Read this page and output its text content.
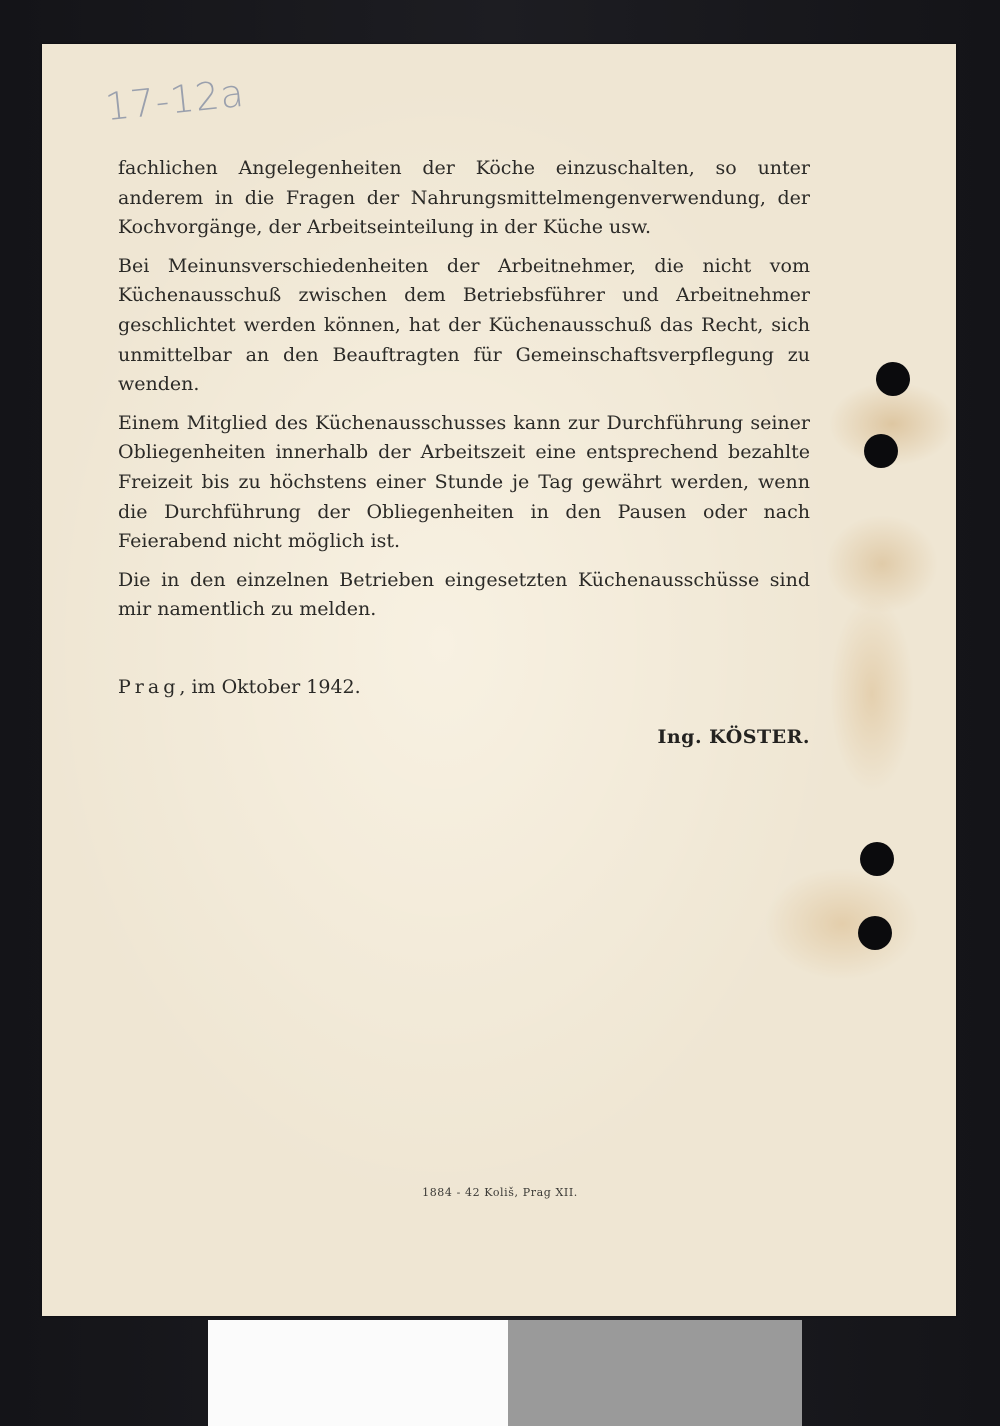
17-12a

fachlichen Angelegenheiten der Köche einzuschalten, so unter anderem in die Fragen der Nahrungsmittelmengenverwendung, der Kochvorgänge, der Arbeitseinteilung in der Küche usw.

Bei Meinunsverschiedenheiten der Arbeitnehmer, die nicht vom Küchenausschuß zwischen dem Betriebsführer und Arbeitnehmer geschlichtet werden können, hat der Küchenausschuß das Recht, sich unmittelbar an den Beauftragten für Gemeinschaftsverpflegung zu wenden.

Einem Mitglied des Küchenausschusses kann zur Durchführung seiner Obliegenheiten innerhalb der Arbeitszeit eine entsprechend bezahlte Freizeit bis zu höchstens einer Stunde je Tag gewährt werden, wenn die Durchführung der Obliegenheiten in den Pausen oder nach Feierabend nicht möglich ist.

Die in den einzelnen Betrieben eingesetzten Küchenausschüsse sind mir namentlich zu melden.

Prag, im Oktober 1942.
Ing. KÖSTER.
1884 - 42 Koliš, Prag XII.
